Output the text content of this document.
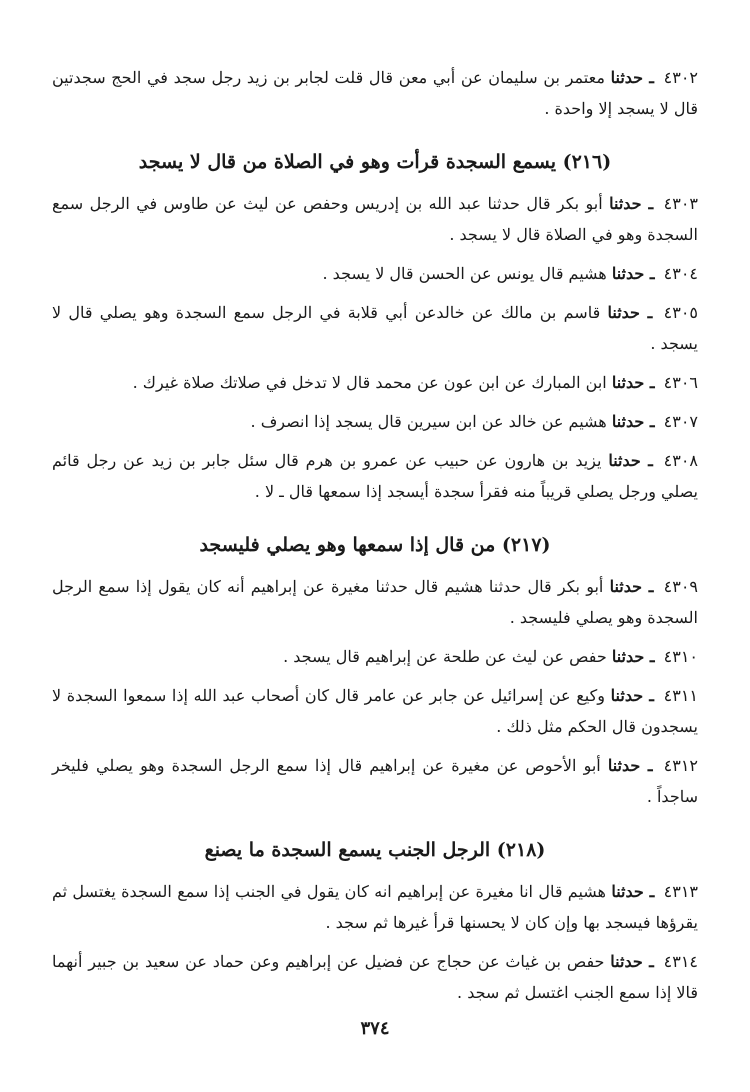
٤٣٠٢ ـ حدثنا معتمر بن سليمان عن أبي معن قال قلت لجابر بن زيد رجل سجد في الحج سجدتين قال لا يسجد إلا واحدة .

(٢١٦) يسمع السجدة قرأت وهو في الصلاة من قال لا يسجد

٤٣٠٣ ـ حدثنا أبو بكر قال حدثنا عبد الله بن إدريس وحفص عن ليث عن طاوس في الرجل سمع السجدة وهو في الصلاة قال لا يسجد .

٤٣٠٤ ـ حدثنا هشيم قال يونس عن الحسن قال لا يسجد .

٤٣٠٥ ـ حدثنا قاسم بن مالك عن خالدعن أبي قلابة في الرجل سمع السجدة وهو يصلي قال لا يسجد .

٤٣٠٦ ـ حدثنا ابن المبارك عن ابن عون عن محمد قال لا تدخل في صلاتك صلاة غيرك .

٤٣٠٧ ـ حدثنا هشيم عن خالد عن ابن سيرين قال يسجد إذا انصرف .

٤٣٠٨ ـ حدثنا يزيد بن هارون عن حبيب عن عمرو بن هرم قال سئل جابر بن زيد عن رجل قائم يصلي ورجل يصلي قريباً منه فقرأ سجدة أيسجد إذا سمعها قال ـ لا .

(٢١٧) من قال إذا سمعها وهو يصلي فليسجد

٤٣٠٩ ـ حدثنا أبو بكر قال حدثنا هشيم قال حدثنا مغيرة عن إبراهيم أنه كان يقول إذا سمع الرجل السجدة وهو يصلي فليسجد .

٤٣١٠ ـ حدثنا حفص عن ليث عن طلحة عن إبراهيم قال يسجد .

٤٣١١ ـ حدثنا وكيع عن إسرائيل عن جابر عن عامر قال كان أصحاب عبد الله إذا سمعوا السجدة لا يسجدون قال الحكم مثل ذلك .

٤٣١٢ ـ حدثنا أبو الأحوص عن مغيرة عن إبراهيم قال إذا سمع الرجل السجدة وهو يصلي فليخر ساجداً .

(٢١٨) الرجل الجنب يسمع السجدة ما يصنع

٤٣١٣ ـ حدثنا هشيم قال انا مغيرة عن إبراهيم انه كان يقول في الجنب إذا سمع السجدة يغتسل ثم يقرؤها فيسجد بها وإن كان لا يحسنها قرأ غيرها ثم سجد .

٤٣١٤ ـ حدثنا حفص بن غياث عن حجاج عن فضيل عن إبراهيم وعن حماد عن سعيد بن جبير أنهما قالا إذا سمع الجنب اغتسل ثم سجد .

٣٧٤
